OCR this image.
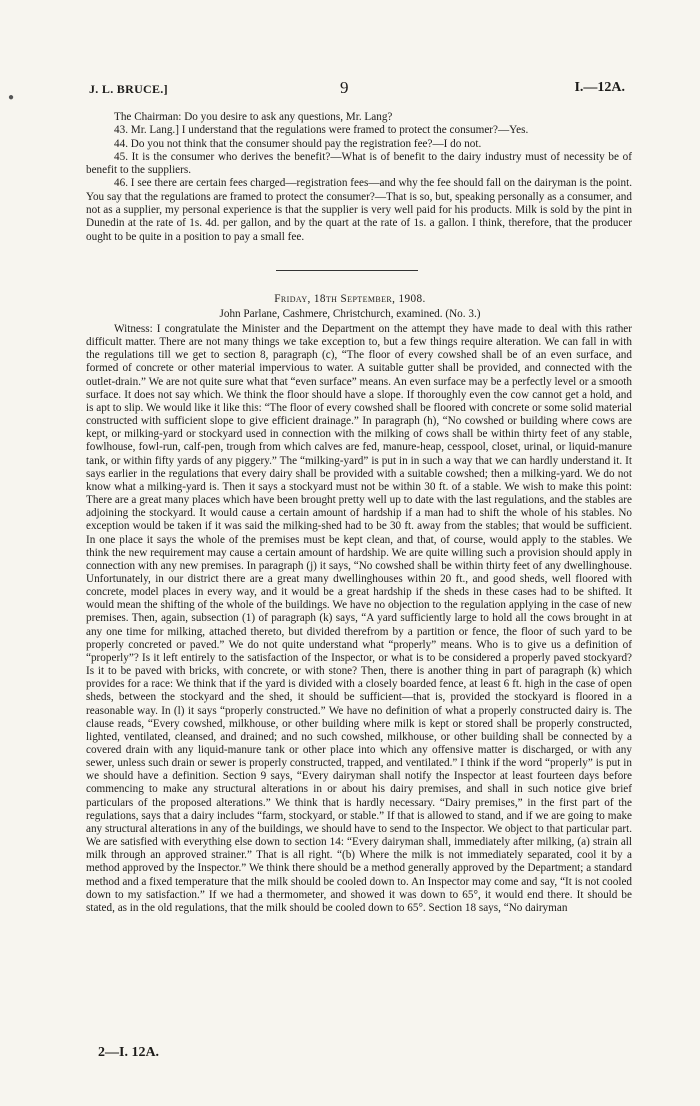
●
J. L. BRUCE.]	9	I.—12A.

The Chairman: Do you desire to ask any questions, Mr. Lang?

43. Mr. Lang.] I understand that the regulations were framed to protect the consumer?—Yes.

44. Do you not think that the consumer should pay the registration fee?—I do not.

45. It is the consumer who derives the benefit?—What is of benefit to the dairy industry must of necessity be of benefit to the suppliers.

46. I see there are certain fees charged—registration fees—and why the fee should fall on the dairyman is the point. You say that the regulations are framed to protect the consumer?—That is so, but, speaking personally as a consumer, and not as a supplier, my personal experience is that the supplier is very well paid for his products. Milk is sold by the pint in Dunedin at the rate of 1s. 4d. per gallon, and by the quart at the rate of 1s. a gallon. I think, therefore, that the producer ought to be quite in a position to pay a small fee.

Friday, 18th September, 1908.
John Parlane, Cashmere, Christchurch, examined. (No. 3.)

Witness: I congratulate the Minister and the Department on the attempt they have made to deal with this rather difficult matter. There are not many things we take exception to, but a few things require alteration. We can fall in with the regulations till we get to section 8, paragraph (c), “The floor of every cowshed shall be of an even surface, and formed of concrete or other material impervious to water. A suitable gutter shall be provided, and connected with the outlet-drain.” We are not quite sure what that “even surface” means. An even surface may be a perfectly level or a smooth surface. It does not say which. We think the floor should have a slope. If thoroughly even the cow cannot get a hold, and is apt to slip. We would like it like this: “The floor of every cowshed shall be floored with concrete or some solid material constructed with sufficient slope to give efficient drainage.” In paragraph (h), “No cowshed or building where cows are kept, or milking-yard or stockyard used in connection with the milking of cows shall be within thirty feet of any stable, fowlhouse, fowl-run, calf-pen, trough from which calves are fed, manure-heap, cesspool, closet, urinal, or liquid-manure tank, or within fifty yards of any piggery.” The “milking-yard” is put in in such a way that we can hardly understand it. It says earlier in the regulations that every dairy shall be provided with a suitable cowshed; then a milking-yard. We do not know what a milking-yard is. Then it says a stockyard must not be within 30 ft. of a stable. We wish to make this point: There are a great many places which have been brought pretty well up to date with the last regulations, and the stables are adjoining the stockyard. It would cause a certain amount of hardship if a man had to shift the whole of his stables. No exception would be taken if it was said the milking-shed had to be 30 ft. away from the stables; that would be sufficient. In one place it says the whole of the premises must be kept clean, and that, of course, would apply to the stables. We think the new requirement may cause a certain amount of hardship. We are quite willing such a provision should apply in connection with any new premises. In paragraph (j) it says, “No cowshed shall be within thirty feet of any dwellinghouse. Unfortunately, in our district there are a great many dwellinghouses within 20 ft., and good sheds, well floored with concrete, model places in every way, and it would be a great hardship if the sheds in these cases had to be shifted. It would mean the shifting of the whole of the buildings. We have no objection to the regulation applying in the case of new premises. Then, again, subsection (1) of paragraph (k) says, “A yard sufficiently large to hold all the cows brought in at any one time for milking, attached thereto, but divided therefrom by a partition or fence, the floor of such yard to be properly concreted or paved.” We do not quite understand what “properly” means. Who is to give us a definition of “properly”? Is it left entirely to the satisfaction of the Inspector, or what is to be considered a properly paved stockyard? Is it to be paved with bricks, with concrete, or with stone? Then, there is another thing in part of paragraph (k) which provides for a race: We think that if the yard is divided with a closely boarded fence, at least 6 ft. high in the case of open sheds, between the stockyard and the shed, it should be sufficient—that is, provided the stockyard is floored in a reasonable way. In (l) it says “properly constructed.” We have no definition of what a properly constructed dairy is. The clause reads, “Every cowshed, milkhouse, or other building where milk is kept or stored shall be properly constructed, lighted, ventilated, cleansed, and drained; and no such cowshed, milkhouse, or other building shall be connected by a covered drain with any liquid-manure tank or other place into which any offensive matter is discharged, or with any sewer, unless such drain or sewer is properly constructed, trapped, and ventilated.” I think if the word “properly” is put in we should have a definition. Section 9 says, “Every dairyman shall notify the Inspector at least fourteen days before commencing to make any structural alterations in or about his dairy premises, and shall in such notice give brief particulars of the proposed alterations.” We think that is hardly necessary. “Dairy premises,” in the first part of the regulations, says that a dairy includes “farm, stockyard, or stable.” If that is allowed to stand, and if we are going to make any structural alterations in any of the buildings, we should have to send to the Inspector. We object to that particular part. We are satisfied with everything else down to section 14: “Every dairyman shall, immediately after milking, (a) strain all milk through an approved strainer.” That is all right. “(b) Where the milk is not immediately separated, cool it by a method approved by the Inspector.” We think there should be a method generally approved by the Department; a standard method and a fixed temperature that the milk should be cooled down to. An Inspector may come and say, “It is not cooled down to my satisfaction.” If we had a thermometer, and showed it was down to 65°, it would end there. It should be stated, as in the old regulations, that the milk should be cooled down to 65°. Section 18 says, “No dairyman

2—I. 12A.
